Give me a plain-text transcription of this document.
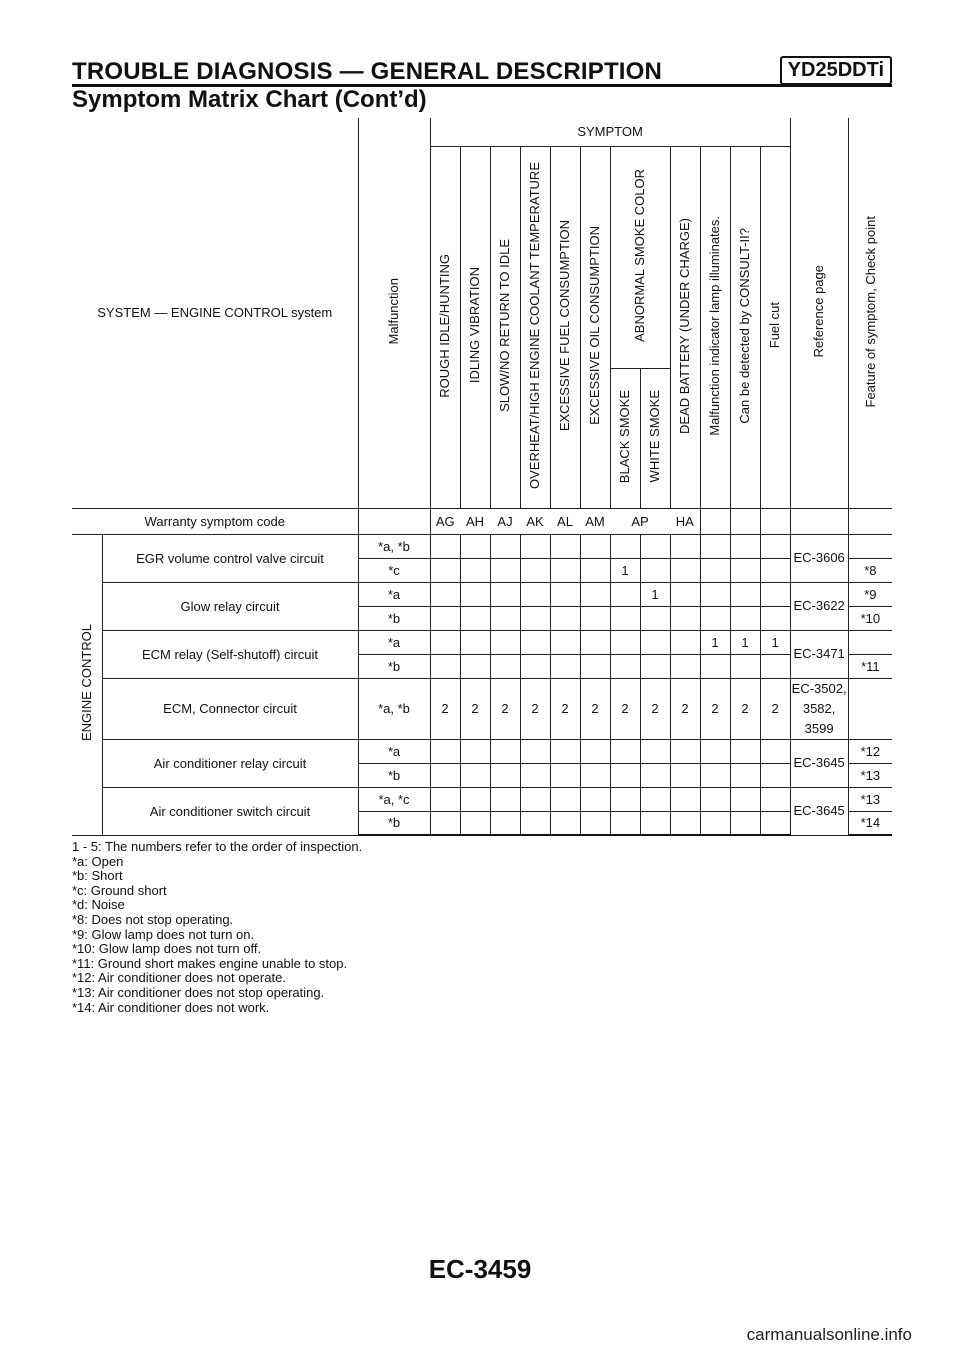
TROUBLE DIAGNOSIS — GENERAL DESCRIPTION	YD25DDTi
Symptom Matrix Chart (Cont’d)
SYSTEM — ENGINE CONTROL system		Malfunction	SYMPTOM												Reference page	Feature of symptom, Check point
			ROUGH IDLE/HUNTING	IDLING VIBRATION	SLOW/NO RETURN TO IDLE	OVERHEAT/HIGH ENGINE COOLANT TEMPERATURE	EXCESSIVE FUEL CONSUMPTION	EXCESSIVE OIL CONSUMPTION	ABNORMAL SMOKE COLOR		DEAD BATTERY (UNDER CHARGE)	Malfunction indicator lamp illuminates.	Can be detected by CONSULT-II?	Fuel cut		
									BLACK SMOKE	WHITE SMOKE						
Warranty symptom code			AG	AH	AJ	AK	AL	AM	AP		HA					
ENGINE CONTROL	EGR volume control valve circuit	*a, *b													EC-3606	

		*c							1							*8
	Glow relay circuit	*a								1					EC-3622	*9
		*b														*10
	ECM relay (Self-shutoff) circuit	*a										1	1	1	EC-3471	

		*b														*11
	ECM, Connector circuit	*a, *b	2	2	2	2	2	2	2	2	2	2	2	2	EC-3502,
3582, 3599	

	Air conditioner relay circuit	*a													EC-3645	*12
		*b														*13
	Air conditioner switch circuit	*a, *c													EC-3645	*13
		*b														*14
1 - 5: The numbers refer to the order of inspection.
*a: Open
*b: Short
*c: Ground short
*d: Noise
*8: Does not stop operating.
*9: Glow lamp does not turn on.
*10: Glow lamp does not turn off.
*11: Ground short makes engine unable to stop.
*12: Air conditioner does not operate.
*13: Air conditioner does not stop operating.
*14: Air conditioner does not work.
EC-3459
carmanualsonline.info
